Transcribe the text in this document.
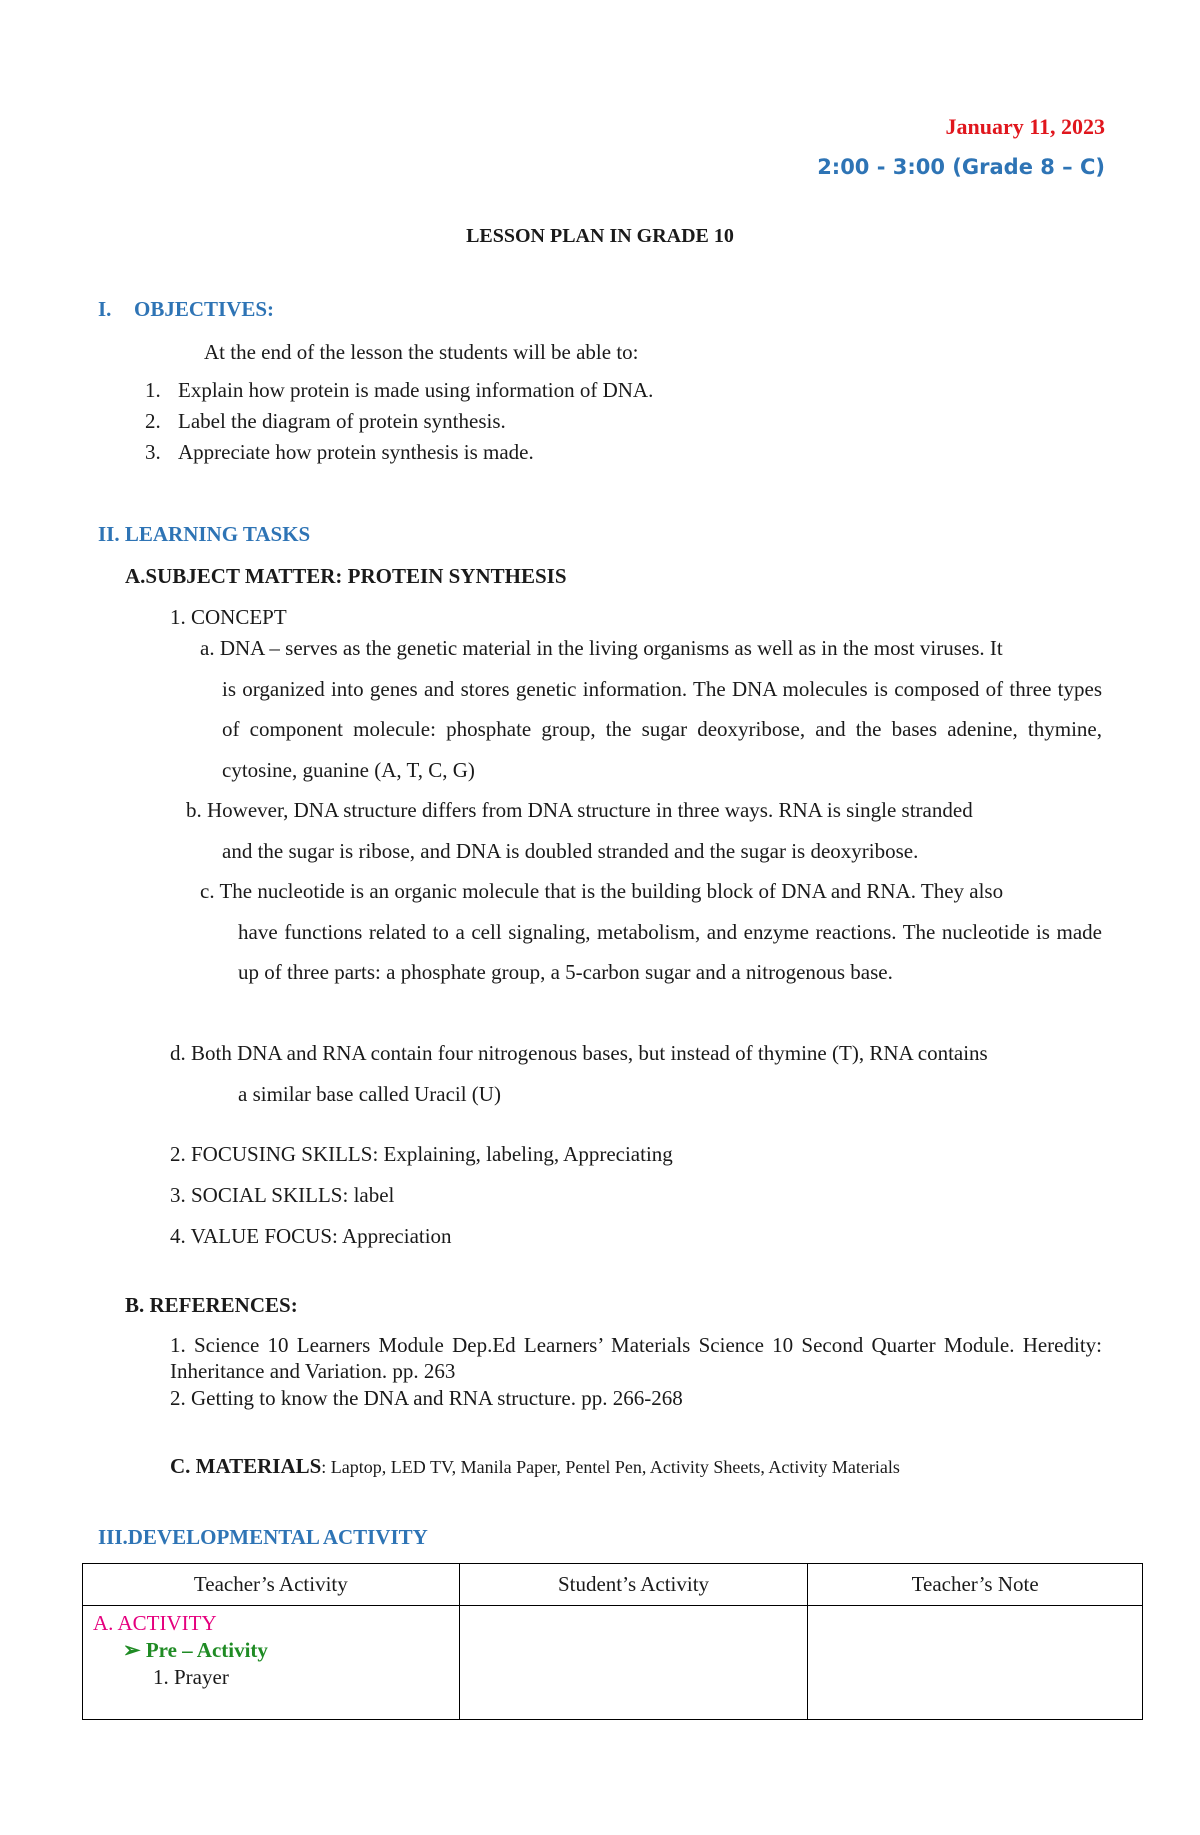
January 11, 2023
2:00 - 3:00 (Grade 8 – C)
LESSON PLAN IN GRADE 10
I. OBJECTIVES:
At the end of the lesson the students will be able to:
1. Explain how protein is made using information of DNA.
2. Label the diagram of protein synthesis.
3. Appreciate how protein synthesis is made.
II. LEARNING TASKS
A.SUBJECT MATTER: PROTEIN SYNTHESIS
1. CONCEPT
a. DNA – serves as the genetic material in the living organisms as well as in the most viruses. It
is organized into genes and stores genetic information. The DNA molecules is composed of three types of component molecule: phosphate group, the sugar deoxyribose, and the bases adenine, thymine, cytosine, guanine (A, T, C, G)
b. However, DNA structure differs from DNA structure in three ways. RNA is single stranded
and the sugar is ribose, and DNA is doubled stranded and the sugar is deoxyribose.
c. The nucleotide is an organic molecule that is the building block of DNA and RNA. They also
have functions related to a cell signaling, metabolism, and enzyme reactions. The nucleotide is made up of three parts: a phosphate group, a 5-carbon sugar and a nitrogenous base.
d. Both DNA and RNA contain four nitrogenous bases, but instead of thymine (T), RNA contains
a similar base called Uracil (U)
2. FOCUSING SKILLS: Explaining, labeling, Appreciating
3. SOCIAL SKILLS: label
4. VALUE FOCUS: Appreciation
B. REFERENCES:
1. Science 10 Learners Module Dep.Ed Learners’ Materials Science 10 Second Quarter Module. Heredity: Inheritance and Variation. pp. 263
2. Getting to know the DNA and RNA structure. pp. 266-268
C. MATERIALS: Laptop, LED TV, Manila Paper, Pentel Pen, Activity Sheets, Activity Materials
III.DEVELOPMENTAL ACTIVITY
Teacher’s Activity	Student’s Activity	Teacher’s Note

A. ACTIVITY
➢ Pre – Activity
1. Prayer		
